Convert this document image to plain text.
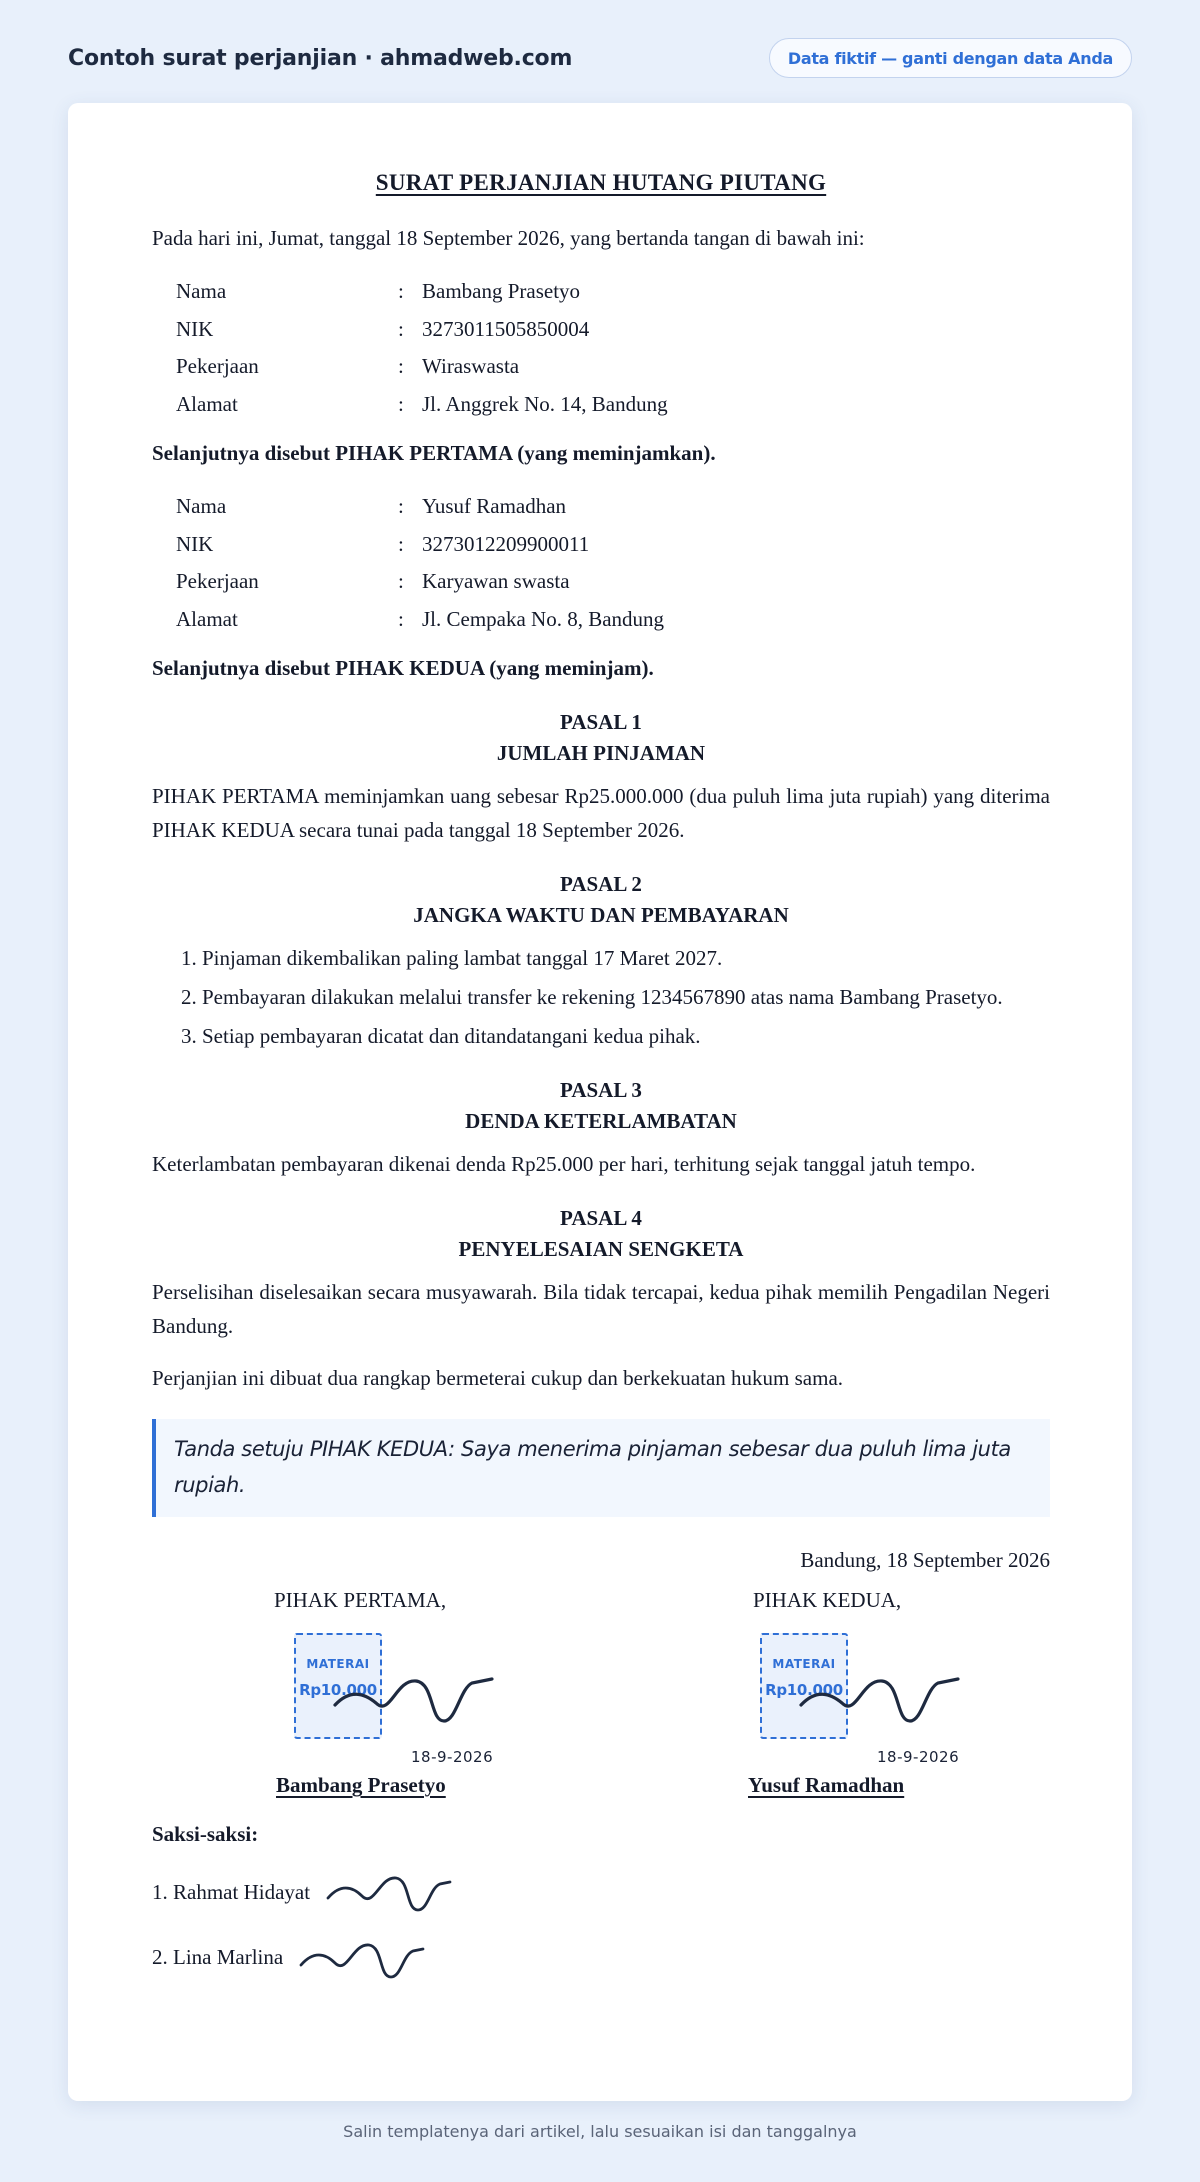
Contoh surat perjanjian · ahmadweb.com	Data fiktif — ganti dengan data Anda
SURAT PERJANJIAN HUTANG PIUTANG

Pada hari ini, Jumat, tanggal 18 September 2026, yang bertanda tangan di bawah ini:

Nama	: Bambang Prasetyo
NIK	: 3273011505850004
Pekerjaan	: Wiraswasta
Alamat	: Jl. Anggrek No. 14, Bandung

Selanjutnya disebut PIHAK PERTAMA (yang meminjamkan).

Nama	: Yusuf Ramadhan
NIK	: 3273012209900011
Pekerjaan	: Karyawan swasta
Alamat	: Jl. Cempaka No. 8, Bandung

Selanjutnya disebut PIHAK KEDUA (yang meminjam).

PASAL 1
JUMLAH PINJAMAN

PIHAK PERTAMA meminjamkan uang sebesar Rp25.000.000 (dua puluh lima juta rupiah) yang diterima PIHAK KEDUA secara tunai pada tanggal 18 September 2026.

PASAL 2
JANGKA WAKTU DAN PEMBAYARAN
1. Pinjaman dikembalikan paling lambat tanggal 17 Maret 2027.
2. Pembayaran dilakukan melalui transfer ke rekening 1234567890 atas nama Bambang Prasetyo.
3. Setiap pembayaran dicatat dan ditandatangani kedua pihak.
PASAL 3
DENDA KETERLAMBATAN

Keterlambatan pembayaran dikenai denda Rp25.000 per hari, terhitung sejak tanggal jatuh tempo.

PASAL 4
PENYELESAIAN SENGKETA

Perselisihan diselesaikan secara musyawarah. Bila tidak tercapai, kedua pihak memilih Pengadilan Negeri Bandung.

Perjanjian ini dibuat dua rangkap bermeterai cukup dan berkekuatan hukum sama.

Tanda setuju PIHAK KEDUA: Saya menerima pinjaman sebesar dua puluh lima juta rupiah.
Bandung, 18 September 2026
PIHAK PERTAMA,
MATERAI
Rp10.000
18-9-2026
Bambang Prasetyo
PIHAK KEDUA,
MATERAI
Rp10.000
18-9-2026
Yusuf Ramadhan
Saksi-saksi:
1. Rahmat Hidayat
2. Lina Marlina
Salin templatenya dari artikel, lalu sesuaikan isi dan tanggalnya
